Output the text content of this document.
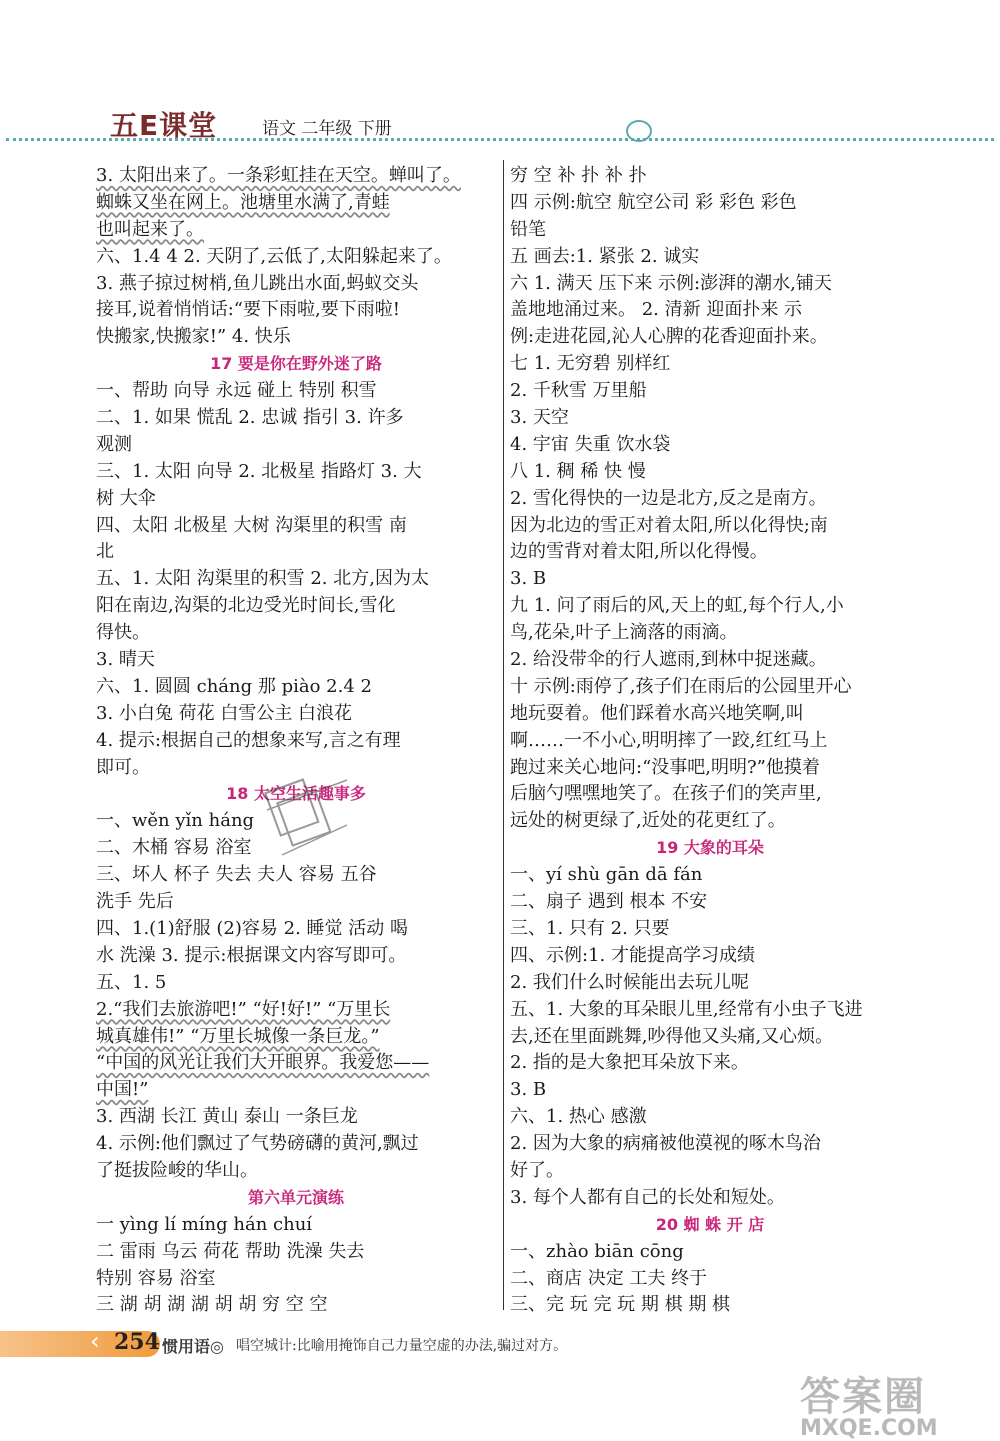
五E课堂	语文 二年级 下册
3. 太阳出来了。一条彩虹挂在天空。蝉叫了。
蜘蛛又坐在网上。池塘里水满了,青蛙
也叫起来了。
六、1.4 4 2. 天阴了,云低了,太阳躲起来了。
3. 燕子掠过树梢,鱼儿跳出水面,蚂蚁交头
接耳,说着悄悄话:“要下雨啦,要下雨啦!
快搬家,快搬家!” 4. 快乐
17 要是你在野外迷了路
一、帮助 向导 永远 碰上 特别 积雪
二、1. 如果 慌乱 2. 忠诚 指引 3. 许多
观测
三、1. 太阳 向导 2. 北极星 指路灯 3. 大
树 大伞
四、太阳 北极星 大树 沟渠里的积雪 南
北
五、1. 太阳 沟渠里的积雪 2. 北方,因为太
阳在南边,沟渠的北边受光时间长,雪化
得快。
3. 晴天
六、1. 圆圆 cháng 那 piào 2.4 2
3. 小白兔 荷花 白雪公主 白浪花
4. 提示:根据自己的想象来写,言之有理
即可。
18 太空生活趣事多
一、wěn yǐn háng
二、木桶 容易 浴室
三、坏人 杯子 失去 夫人 容易 五谷
洗手 先后
四、1.(1)舒服 (2)容易 2. 睡觉 活动 喝
水 洗澡 3. 提示:根据课文内容写即可。
五、1. 5
2.“我们去旅游吧!” “好!好!” “万里长
城真雄伟!” “万里长城像一条巨龙。”
“中国的风光让我们大开眼界。我爱您——
中国!”
3. 西湖 长江 黄山 泰山 一条巨龙
4. 示例:他们飘过了气势磅礴的黄河,飘过
了挺拔险峻的华山。
第六单元演练
一 yìng lí míng hán chuí
二 雷雨 乌云 荷花 帮助 洗澡 失去
特别 容易 浴室
三 湖 胡 湖 湖 胡 胡 穷 空 空
穷 空 补 扑 补 扑
四 示例:航空 航空公司 彩 彩色 彩色
铅笔
五 画去:1. 紧张 2. 诚实
六 1. 满天 压下来 示例:澎湃的潮水,铺天
盖地地涌过来。 2. 清新 迎面扑来 示
例:走进花园,沁人心脾的花香迎面扑来。
七 1. 无穷碧 别样红
2. 千秋雪 万里船
3. 天空
4. 宇宙 失重 饮水袋
八 1. 稠 稀 快 慢
2. 雪化得快的一边是北方,反之是南方。
因为北边的雪正对着太阳,所以化得快;南
边的雪背对着太阳,所以化得慢。
3. B
九 1. 问了雨后的风,天上的虹,每个行人,小
鸟,花朵,叶子上滴落的雨滴。
2. 给没带伞的行人遮雨,到林中捉迷藏。
十 示例:雨停了,孩子们在雨后的公园里开心
地玩耍着。他们踩着水高兴地笑啊,叫
啊……一不小心,明明摔了一跤,红红马上
跑过来关心地问:“没事吧,明明?”他摸着
后脑勺嘿嘿地笑了。在孩子们的笑声里,
远处的树更绿了,近处的花更红了。
19 大象的耳朵
一、yí shù gān dā fán
二、扇子 遇到 根本 不安
三、1. 只有 2. 只要
四、示例:1. 才能提高学习成绩
2. 我们什么时候能出去玩儿呢
五、1. 大象的耳朵眼儿里,经常有小虫子飞进
去,还在里面跳舞,吵得他又头痛,又心烦。
2. 指的是大象把耳朵放下来。
3. B
六、1. 热心 感激
2. 因为大象的病痛被他漠视的啄木鸟治
好了。
3. 每个人都有自己的长处和短处。
20 蜘 蛛 开 店
一、zhào biān cōng
二、商店 决定 工夫 终于
三、完 玩 完 玩 期 棋 期 棋
‹ 254 惯用语◎ 唱空城计:比喻用掩饰自己力量空虚的办法,骗过对方。
答案圈
MXQE.COM
